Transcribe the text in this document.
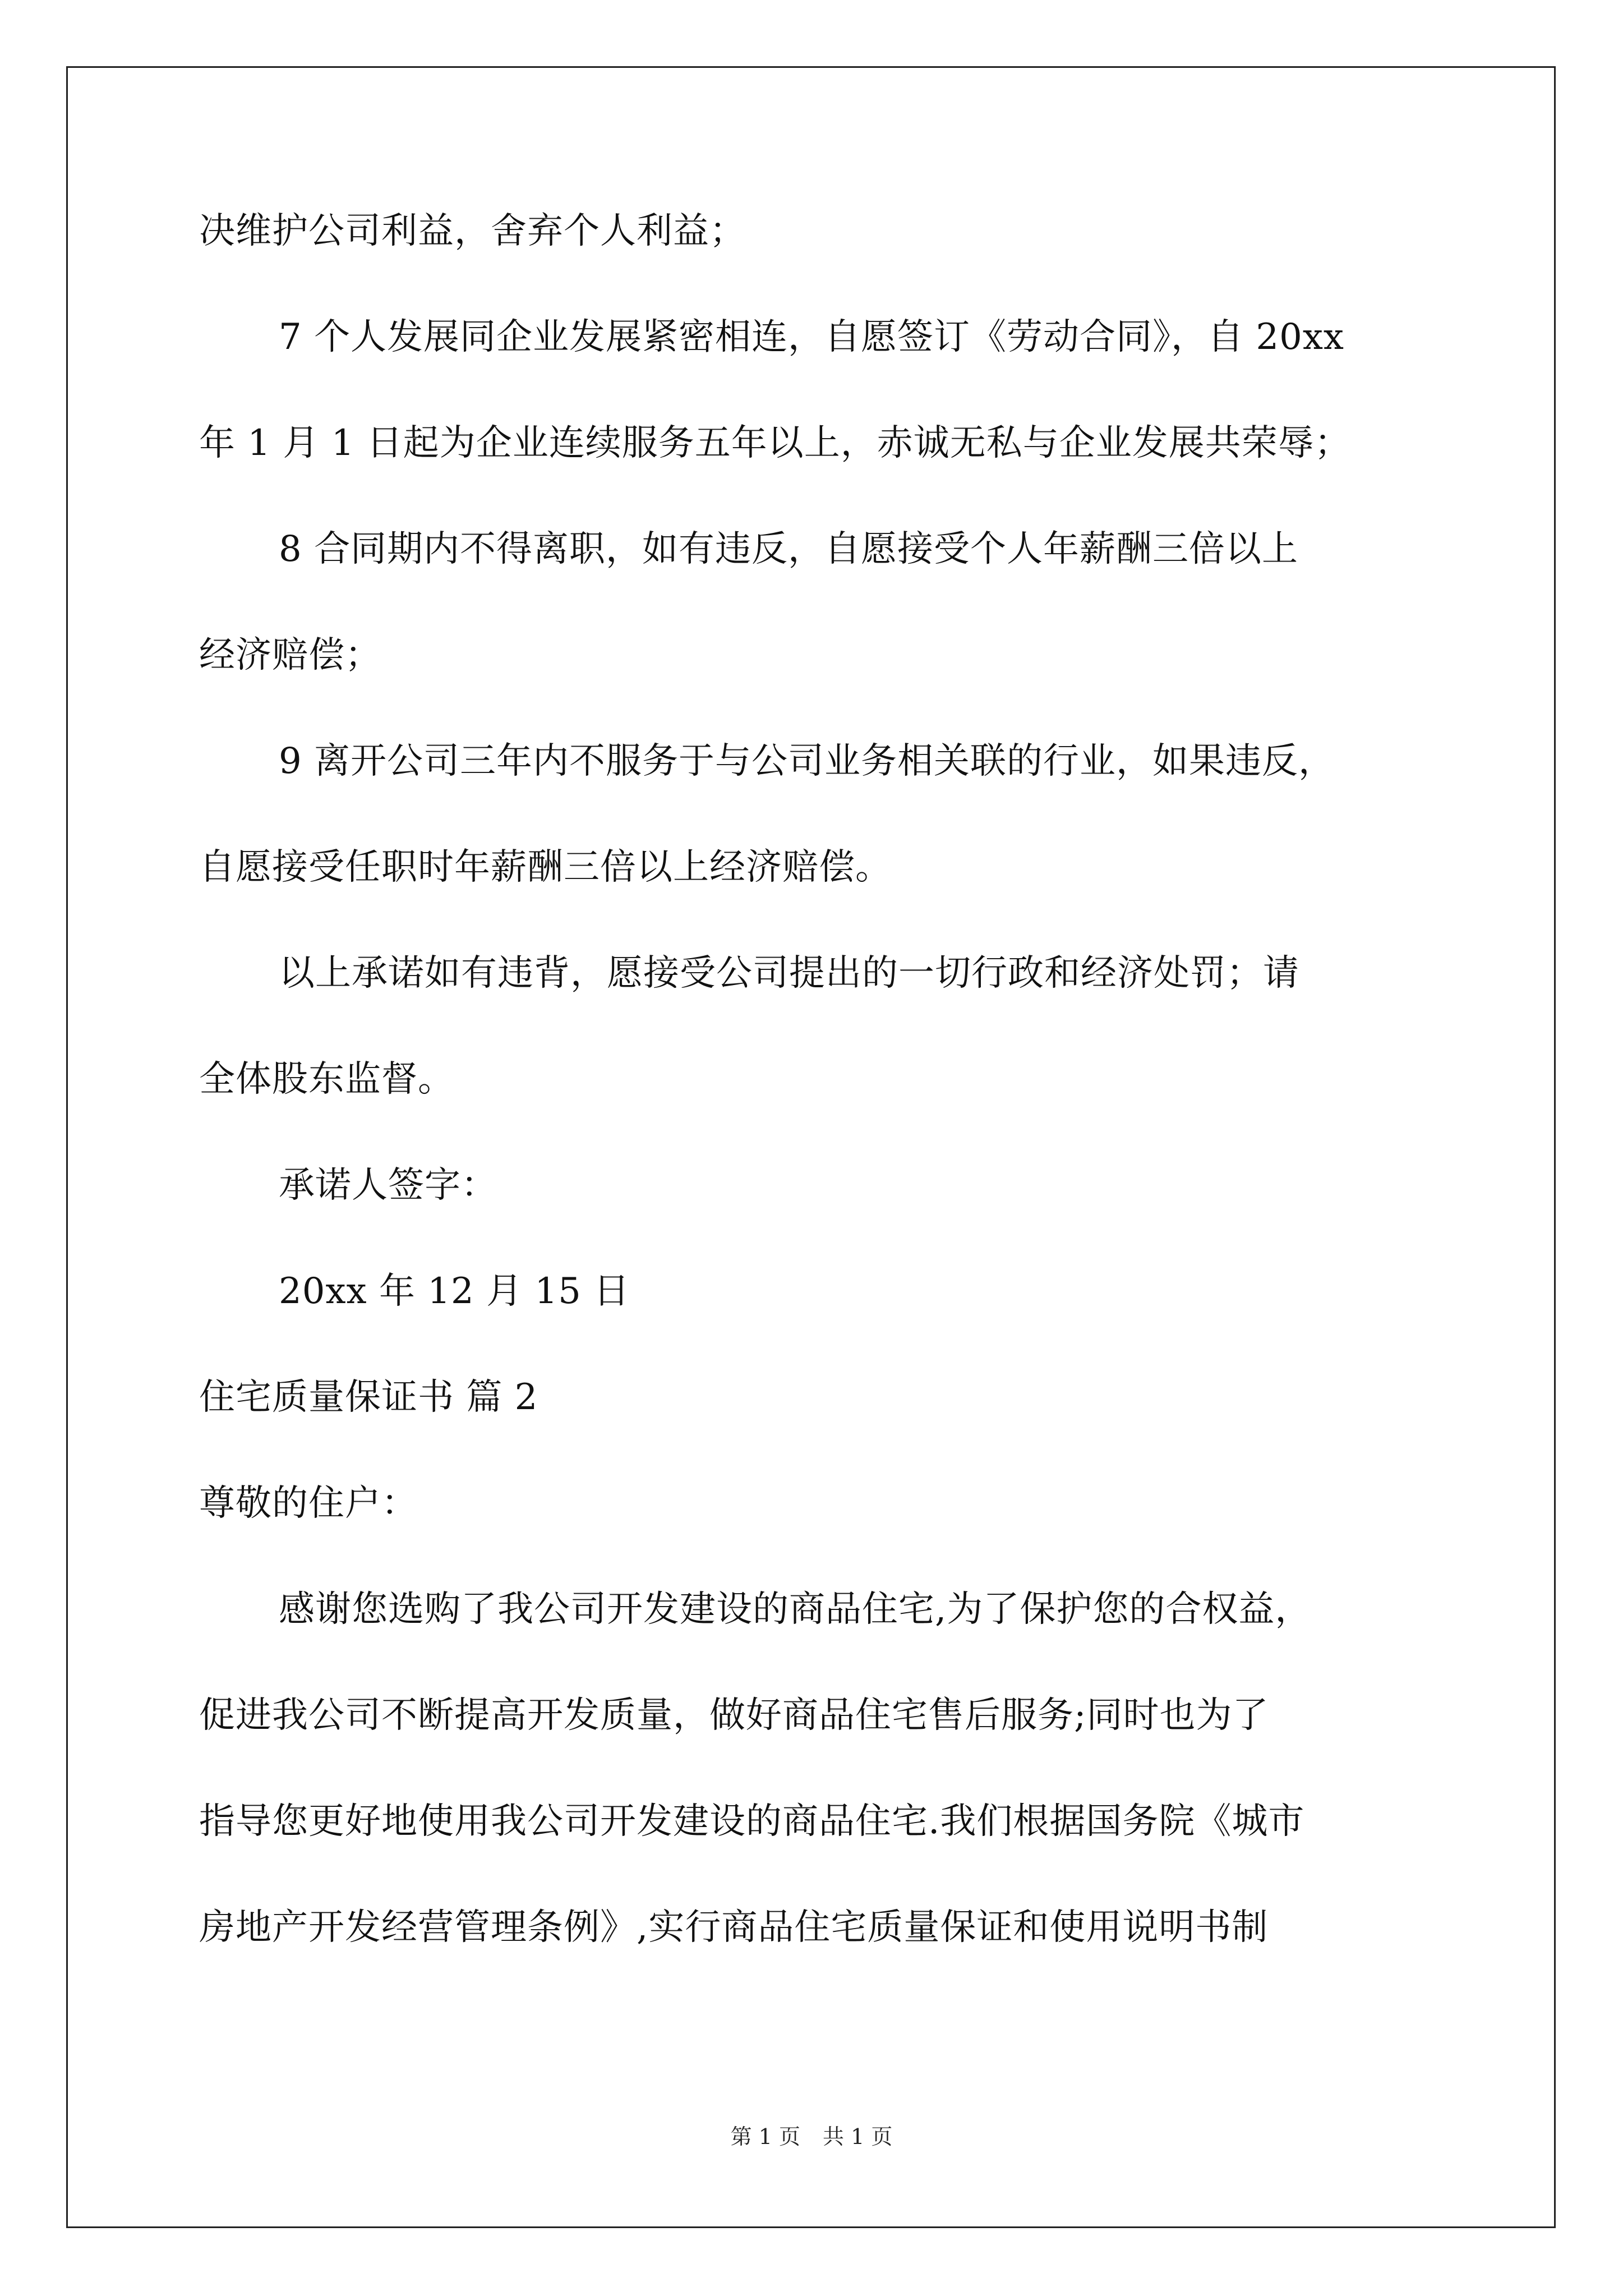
决维护公司利益，舍弃个人利益；
7 个人发展同企业发展紧密相连，自愿签订《劳动合同》，自 20xx
年 1 月 1 日起为企业连续服务五年以上，赤诚无私与企业发展共荣辱；
8 合同期内不得离职，如有违反，自愿接受个人年薪酬三倍以上
经济赔偿；
9 离开公司三年内不服务于与公司业务相关联的行业，如果违反，
自愿接受任职时年薪酬三倍以上经济赔偿。
以上承诺如有违背，愿接受公司提出的一切行政和经济处罚；请
全体股东监督。
承诺人签字：
20xx 年 12 月 15 日
住宅质量保证书 篇 2
尊敬的住户：
感谢您选购了我公司开发建设的商品住宅,为了保护您的合权益，
促进我公司不断提高开发质量，做好商品住宅售后服务;同时也为了
指导您更好地使用我公司开发建设的商品住宅.我们根据国务院《城市
房地产开发经营管理条例》,实行商品住宅质量保证和使用说明书制
第 1 页 共 1 页
